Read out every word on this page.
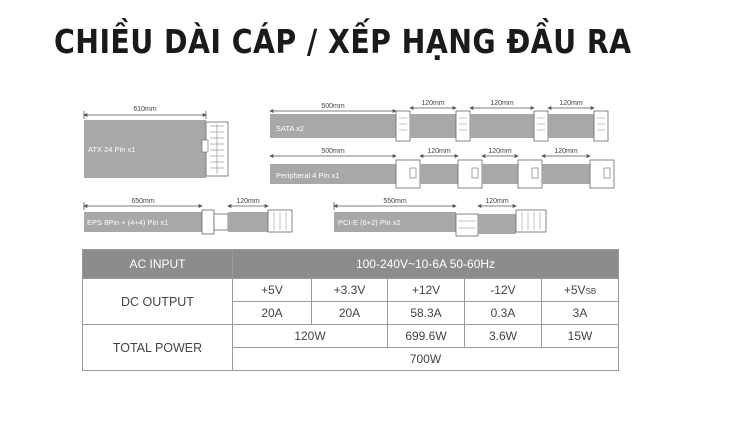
CHIỀU DÀI CÁP / XẾP HẠNG ĐẦU RA
610mm
ATX 24 Pin x1
500mm
SATA x2
120mm	120mm	120mm
500mm
Peripheral 4 Pin x1
120mm	120mm	120mm
650mm
EPS 8Pin + (4+4) Pin x1
120mm	550mm
PCI-E (6+2) Pin x2
120mm
AC INPUT	100-240V~10-6A 50-60Hz				
DC OUTPUT	+5V	+3.3V	+12V	-12V	+5VSB
	20A	20A	58.3A	0.3A	3A
TOTAL POWER	120W		699.6W	3.6W	15W
	700W				
